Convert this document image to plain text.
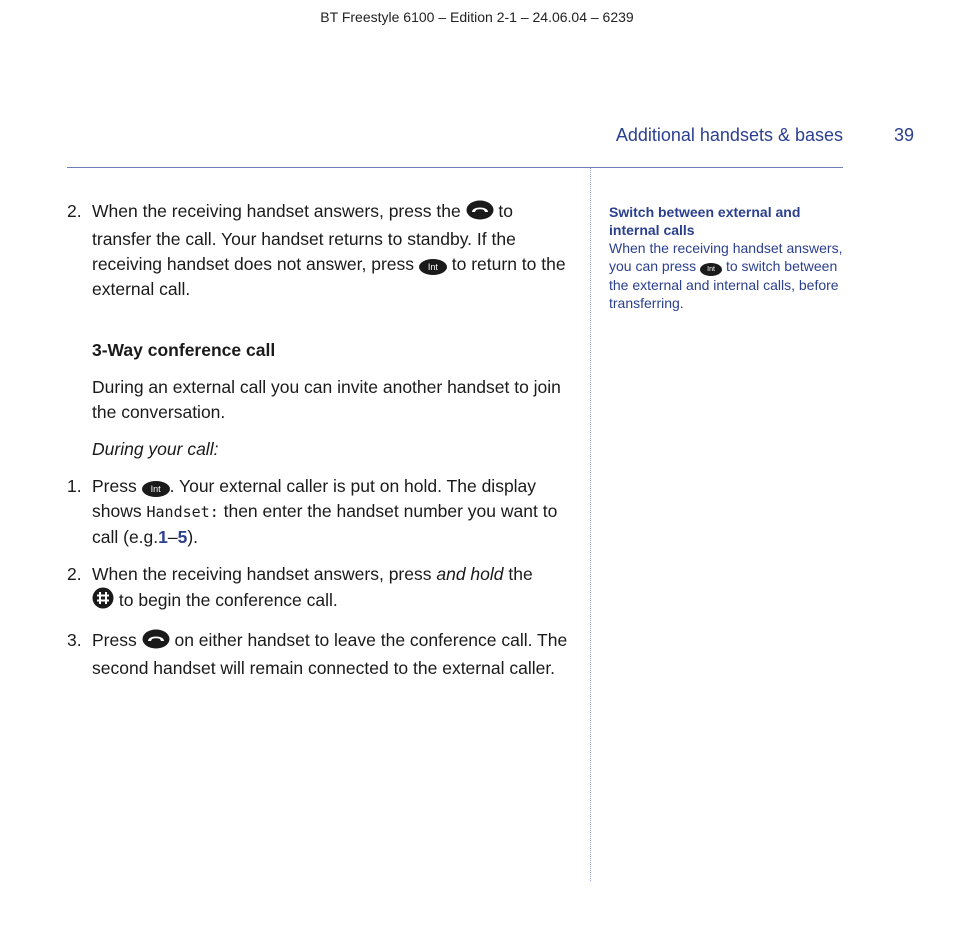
BT Freestyle 6100 – Edition 2-1 – 24.06.04 – 6239
Additional handsets & bases	39
2. When the receiving handset answers, press the to transfer the call. Your handset returns to standby. If the receiving handset does not answer, press Int to return to the external call.
3-Way conference call
During an external call you can invite another handset to join the conversation.
During your call:
1. Press Int . Your external caller is put on hold. The display shows Handset: then enter the handset number you want to call (e.g.1–5).
2. When the receiving handset answers, press and hold the
to begin the conference call.
3. Press on either handset to leave the conference call. The second handset will remain connected to the external caller.
Switch between external and internal calls
When the receiving handset answers, you can press Int to switch between the external and internal calls, before transferring.
